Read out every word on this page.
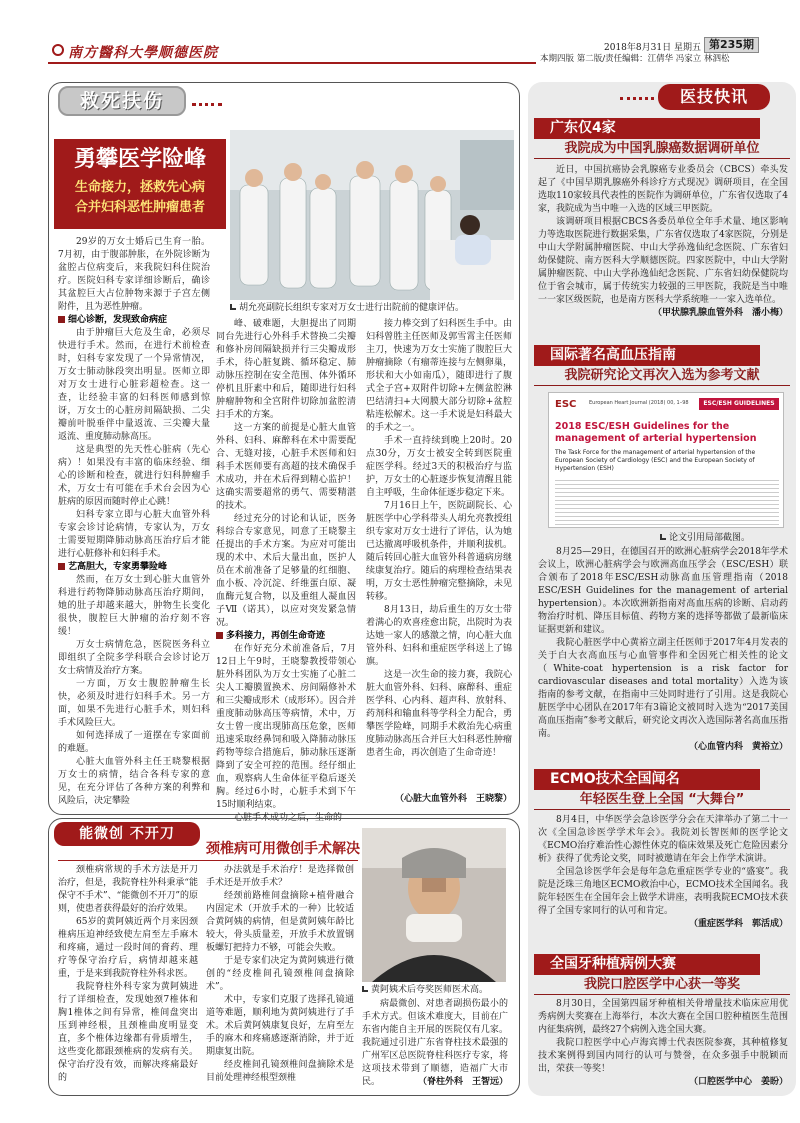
南方醫科大學顺德医院	2018年8月31日 星期五 第235期
本期四版 第二版/责任编辑：江倩华 冯家立 林泗松
救死扶伤
勇攀医学险峰
生命接力，拯救先心病
合并妇科恶性肿瘤患者
胡允亮副院长组织专家对万女士进行出院前的健康评估。

29岁的万女士婚后已生育一胎。7月初，由于腹部肿胀，在外院诊断为盆腔占位病变后，来我院妇科住院治疗。医院妇科专家详细诊断后，确诊其盆腔巨大占位肿物来源于子宫左侧附件，且为恶性肿瘤。

细心诊断，发现致命病症

由于肿瘤巨大危及生命，必须尽快进行手术。然而，在进行术前检查时，妇科专家发现了一个异常情况，万女士肺动脉段突出明显。医师立即对万女士进行心脏彩超检查。这一查，让经验丰富的妇科医师感到惊讶，万女士的心脏房间隔缺损、二尖瓣前叶脱垂伴中量返流、三尖瓣大量返流、重度肺动脉高压。

这是典型的先天性心脏病（先心病）！如果没有丰富的临床经验、细心的诊断和检查，就进行妇科肿瘤手术，万女士有可能在手术台会因为心脏病的原因而随时停止心跳！

妇科专家立即与心脏大血管外科专家会诊讨论病情，专家认为，万女士需要短期降肺动脉高压治疗后才能进行心脏修补和妇科手术。

艺高胆大，专家勇攀险峰

然而，在万女士到心脏大血管外科进行药物降肺动脉高压治疗期间，她的肚子却越来越大，肿物生长变化很快，腹腔巨大肿瘤的治疗刻不容缓！

万女士病情危急，医院医务科立即组织了全院多学科联合会诊讨论万女士病情及治疗方案。

一方面，万女士腹腔肿瘤生长快，必须及时进行妇科手术。另一方面，如果不先进行心脏手术，则妇科手术风险巨大。

如何选择成了一道摆在专家面前的难题。

心脏大血管外科主任王晓黎根据万女士的病情，结合各科专家的意见，在充分评估了各种方案的利弊和风险后，决定攀险

峰、破难题，大胆提出了同期同台先进行心外科手术替换二尖瓣和修补房间隔缺损并行三尖瓣成形手术，待心脏复跳、循环稳定、肺动脉压控制在安全范围、体外循环停机且肝素中和后，随即进行妇科肿瘤肿物和全宫附件切除加盆腔清扫手术的方案。

这一方案的前提是心脏大血管外科、妇科、麻醉科在术中需要配合、无缝对接，心脏手术医师和妇科手术医师要有高超的技术确保手术成功，并在术后得到精心监护！这确实需要超常的勇气、需要精湛的技术。

经过充分的讨论和认证，医务科综合专家意见，同意了王晓黎主任提出的手术方案。为应对可能出现的术中、术后大量出血，医护人员在术前准备了足够量的红细胞、血小板、冷沉淀、纤维蛋白原、凝血酶元复合物，以及重组人凝血因子Ⅶ（诺其），以应对突发紧急情况。

多科接力，再创生命奇迹

在作好充分术前准备后，7月12日上午9时，王晓黎教授带领心脏外科团队为万女士实施了心脏二尖人工瓣膜置换术、房间隔修补术和三尖瓣成形术（成形环）。因合并重度肺动脉高压等病情，术中，万女士曾一度出现肺高压危象，医师迅速采取经鼻饲和吸入降肺动脉压药物等综合措施后，肺动脉压逐渐降到了安全可控的范围。经仔细止血，观察病人生命体征平稳后逐关胸。经过6小时，心脏手术到下午15时顺利结束。

心脏手术成功之后，生命的

接力棒交到了妇科医生手中。由妇科曾胜主任医师及郭雪霄主任医师主刀，快速为万女士实施了腹腔巨大肿瘤摘除（有瘤蒂连接与左侧卵巢，形状和大小如南瓜），随即进行了腹式全子宫+双附件切除+左侧盆腔淋巴结清扫+大网膜大部分切除+盆腔粘连松解术。这一手术说是妇科最大的手术之一。

手术一直持续到晚上20时。20点30分，万女士被安全转到医院重症医学科。经过3天的积极治疗与监护，万女士的心脏逐步恢复清醒且能自主呼吸，生命体征逐步稳定下来。

7月16日上午，医院副院长、心脏医学中心学科带头人胡允亮教授组织专家对万女士进行了评估，认为她已达撤离呼吸机条件，并顺利拔机。随后转回心脏大血管外科普通病房继续康复治疗。随后的病理检查结果表明，万女士恶性肿瘤完整摘除，未见转移。

8月13日，劫后重生的万女士带着满心的欢喜痊愈出院，出院时为表达她一家人的感激之情，向心脏大血管外科、妇科和重症医学科送上了锦旗。

这是一次生命的接力赛，我院心脏大血管外科、妇科、麻醉科、重症医学科、心内科、超声科、放射科、药剂科和输血科等学科全力配合，勇攀医学险峰，同期手术救治先心病重度肺动脉高压合并巨大妇科恶性肿瘤患者生命，再次创造了生命奇迹！

（心脏大血管外科　王晓黎）
能微创 不开刀
颈椎病可用微创手术解决
黄阿姨术后夸奖医师医术高。

颈椎病常规的手术方法是开刀治疗，但是，我院脊柱外科秉承“能保守不手术”、“能微创不开刀”的原则，使患者获得最好的治疗效果。

65岁的黄阿姨近两个月来因颈椎病压迫神经致使左肩至左手麻木和疼痛，通过一段时间的膏药、理疗等保守治疗后，病情却越来越重，于是来到我院脊柱外科求医。

我院脊柱外科专家为黄阿姨进行了详细检查，发现她颈7椎体和胸1椎体之间有异常，椎间盘突出压到神经根，且颈椎曲度明显变直，多个椎体边缘都有骨质增生，这些变化都跟颈椎病的发病有关。保守治疗没有效，而解决疼痛最好的

办法就是手术治疗！是选择微创手术还是开放手术？

经颈前路椎间盘摘除+植骨融合内固定术（开放手术的一种）比较适合黄阿姨的病情，但是黄阿姨年龄比较大，骨头质量差，开放手术放置钢板螺钉把持力不够，可能会失败。

于是专家们决定为黄阿姨进行微创的“经皮椎间孔镜颈椎间盘摘除术”。

术中，专家们克服了选择孔镜通道等难题，顺利地为黄阿姨进行了手术。术后黄阿姨康复良好，左肩至左手的麻木和疼痛感逐渐消除，并于近期康复出院。

经皮椎间孔镜颈椎间盘摘除术是目前处理神经根型颈椎

病最微创、对患者副损伤最小的手术方式。但该术难度大，目前在广东省内能自主开展的医院仅有几家。我院通过引进广东省脊柱技术最强的广州军区总医院脊柱科医疗专家，将这项技术带到了顺德，造福广大市民。	（脊柱外科　王智远）
医技快讯
广东仅4家
我院成为中国乳腺癌数据调研单位

近日，中国抗癌协会乳腺癌专业委员会（CBCS）牵头发起了《中国早期乳腺癌外科诊疗方式现况》调研项目，在全国选取110家较具代表性的医院作为调研单位，广东省仅选取了4家，我院成为当中唯一入选的区域三甲医院。

该调研项目根据CBCS各委员单位全年手术量、地区影响力等选取医院进行数据采集，广东省仅选取了4家医院，分别是中山大学附属肿瘤医院、中山大学孙逸仙纪念医院、广东省妇幼保健院、南方医科大学顺德医院。四家医院中，中山大学附属肿瘤医院、中山大学孙逸仙纪念医院、广东省妇幼保健院均位于省会城市，属于传统实力较强的三甲医院，我院是当中唯一一家区级医院，也是南方医科大学系统唯一一家入选单位。

（甲状腺乳腺血管外科　潘小梅）
国际著名高血压指南
我院研究论文再次入选为参考文献
ESC	European Heart Journal (2018) 00, 1–98	ESC/ESH GUIDELINES
2018 ESC/ESH Guidelines for the management of arterial hypertension
The Task Force for the management of arterial hypertension of the European Society of Cardiology (ESC) and the European Society of Hypertension (ESH)
论文引用局部截图。

8月25—29日，在德国召开的欧洲心脏病学会2018年学术会议上，欧洲心脏病学会与欧洲高血压学会（ESC/ESH）联合颁布了2018年ESC/ESH动脉高血压管理指南（2018 ESC/ESH Guidelines for the management of arterial hypertension）。本次欧洲新指南对高血压病的诊断、启动药物治疗时机、降压目标值、药物方案的选择等都做了最新临床证据更新和建议。

我院心脏医学中心黄裕立副主任医师于2017年4月发表的关于白大衣高血压与心血管事件和全因死亡相关性的论文（White-coat hypertension is a risk factor for cardiovascular diseases and total mortality）入选为该指南的参考文献，在指南中三处同时进行了引用。这是我院心脏医学中心团队在2017年有3篇论文被同时入选为“2017美国高血压指南”参考文献后，研究论文再次入选国际著名高血压指南。

（心血管内科　黄裕立）
ECMO技术全国闻名
年轻医生登上全国 “大舞台”

8月4日，中华医学会急诊医学分会在天津举办了第二十一次《全国急诊医学学术年会》。我院刘长智医师的医学论文《ECMO治疗难治性心源性休克的临床效果及死亡危险因素分析》获得了优秀论文奖，同时被邀请在年会上作学术演讲。

全国急诊医学年会是每年急危重症医学专业的“盛宴”。我院是泛珠三角地区ECMO救治中心，ECMO技术全国闻名。我院年轻医生在全国年会上做学术讲座，表明我院ECMO技术获得了全国专家同行的认可和肯定。

（重症医学科　郭活成）
全国牙种植病例大赛
我院口腔医学中心获一等奖

8月30日，全国第四届牙种植相关骨增量技术临床应用优秀病例大奖赛在上海举行，本次大赛在全国口腔种植医生范围内征集病例，最终27个病例入选全国大赛。

我院口腔医学中心卢海宾博士代表医院参赛，其种植修复技术案例得到国内同行的认可与赞誉，在众多强手中脱颖而出，荣获一等奖！

（口腔医学中心　姜盼）
